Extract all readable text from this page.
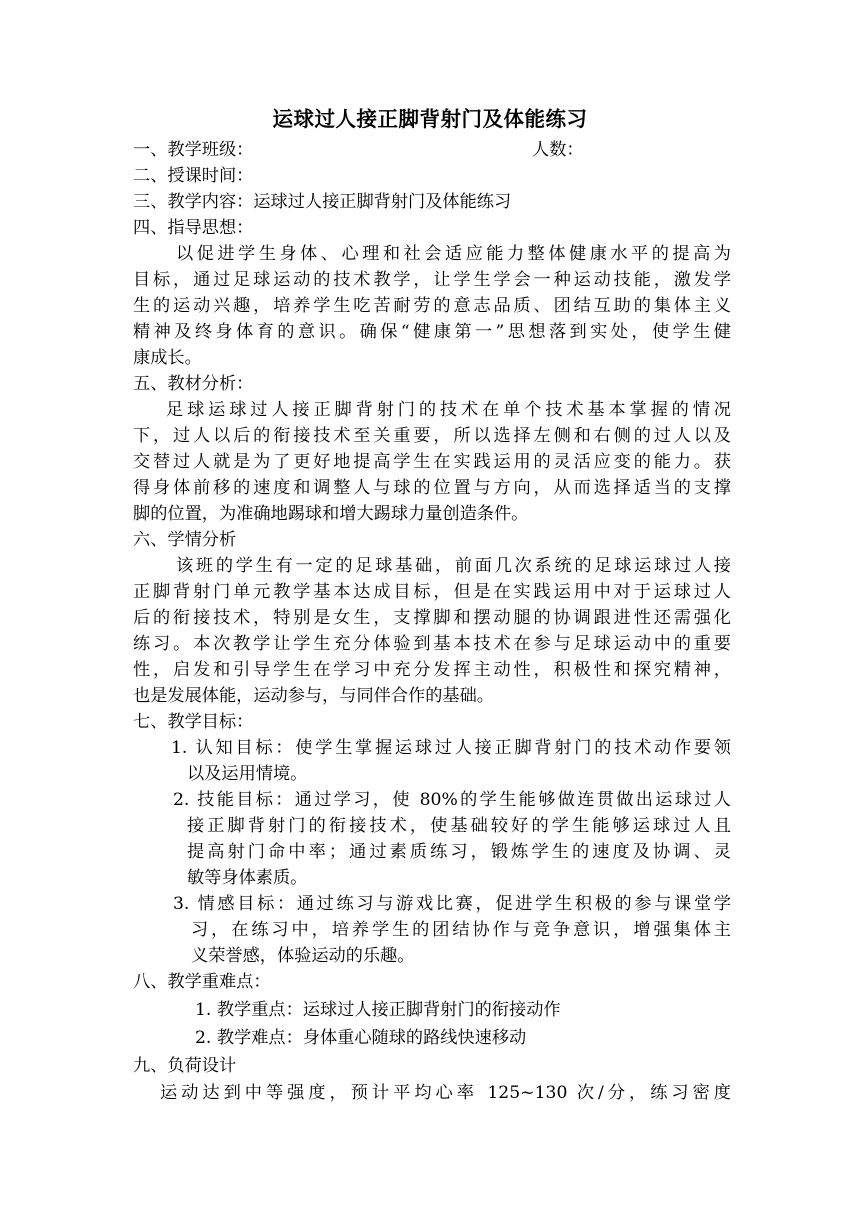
运球过人接正脚背射门及体能练习
一、教学班级：	人数：
二、授课时间：
三、教学内容：运球过人接正脚背射门及体能练习
四、指导思想：
以促进学生身体、心理和社会适应能力整体健康水平的提高为
目标，通过足球运动的技术教学，让学生学会一种运动技能，激发学
生的运动兴趣，培养学生吃苦耐劳的意志品质、团结互助的集体主义
精神及终身体育的意识。确保“健康第一”思想落到实处，使学生健
康成长。
五、教材分析：
足球运球过人接正脚背射门的技术在单个技术基本掌握的情况
下，过人以后的衔接技术至关重要，所以选择左侧和右侧的过人以及
交替过人就是为了更好地提高学生在实践运用的灵活应变的能力。获
得身体前移的速度和调整人与球的位置与方向，从而选择适当的支撑
脚的位置，为准确地踢球和增大踢球力量创造条件。
六、学情分析
该班的学生有一定的足球基础，前面几次系统的足球运球过人接
正脚背射门单元教学基本达成目标，但是在实践运用中对于运球过人
后的衔接技术，特别是女生，支撑脚和摆动腿的协调跟进性还需强化
练习。本次教学让学生充分体验到基本技术在参与足球运动中的重要
性，启发和引导学生在学习中充分发挥主动性，积极性和探究精神，
也是发展体能，运动参与，与同伴合作的基础。
七、教学目标：
1. 认知目标：使学生掌握运球过人接正脚背射门的技术动作要领
以及运用情境。
2. 技能目标：通过学习，使 80%的学生能够做连贯做出运球过人
接正脚背射门的衔接技术，使基础较好的学生能够运球过人且
提高射门命中率；通过素质练习，锻炼学生的速度及协调、灵
敏等身体素质。
3. 情感目标：通过练习与游戏比赛，促进学生积极的参与课堂学
习，在练习中，培养学生的团结协作与竞争意识，增强集体主
义荣誉感，体验运动的乐趣。
八、教学重难点：
1. 教学重点：运球过人接正脚背射门的衔接动作
2. 教学难点：身体重心随球的路线快速移动
九、负荷设计
运动达到中等强度，预计平均心率 125~130 次/分，练习密度
